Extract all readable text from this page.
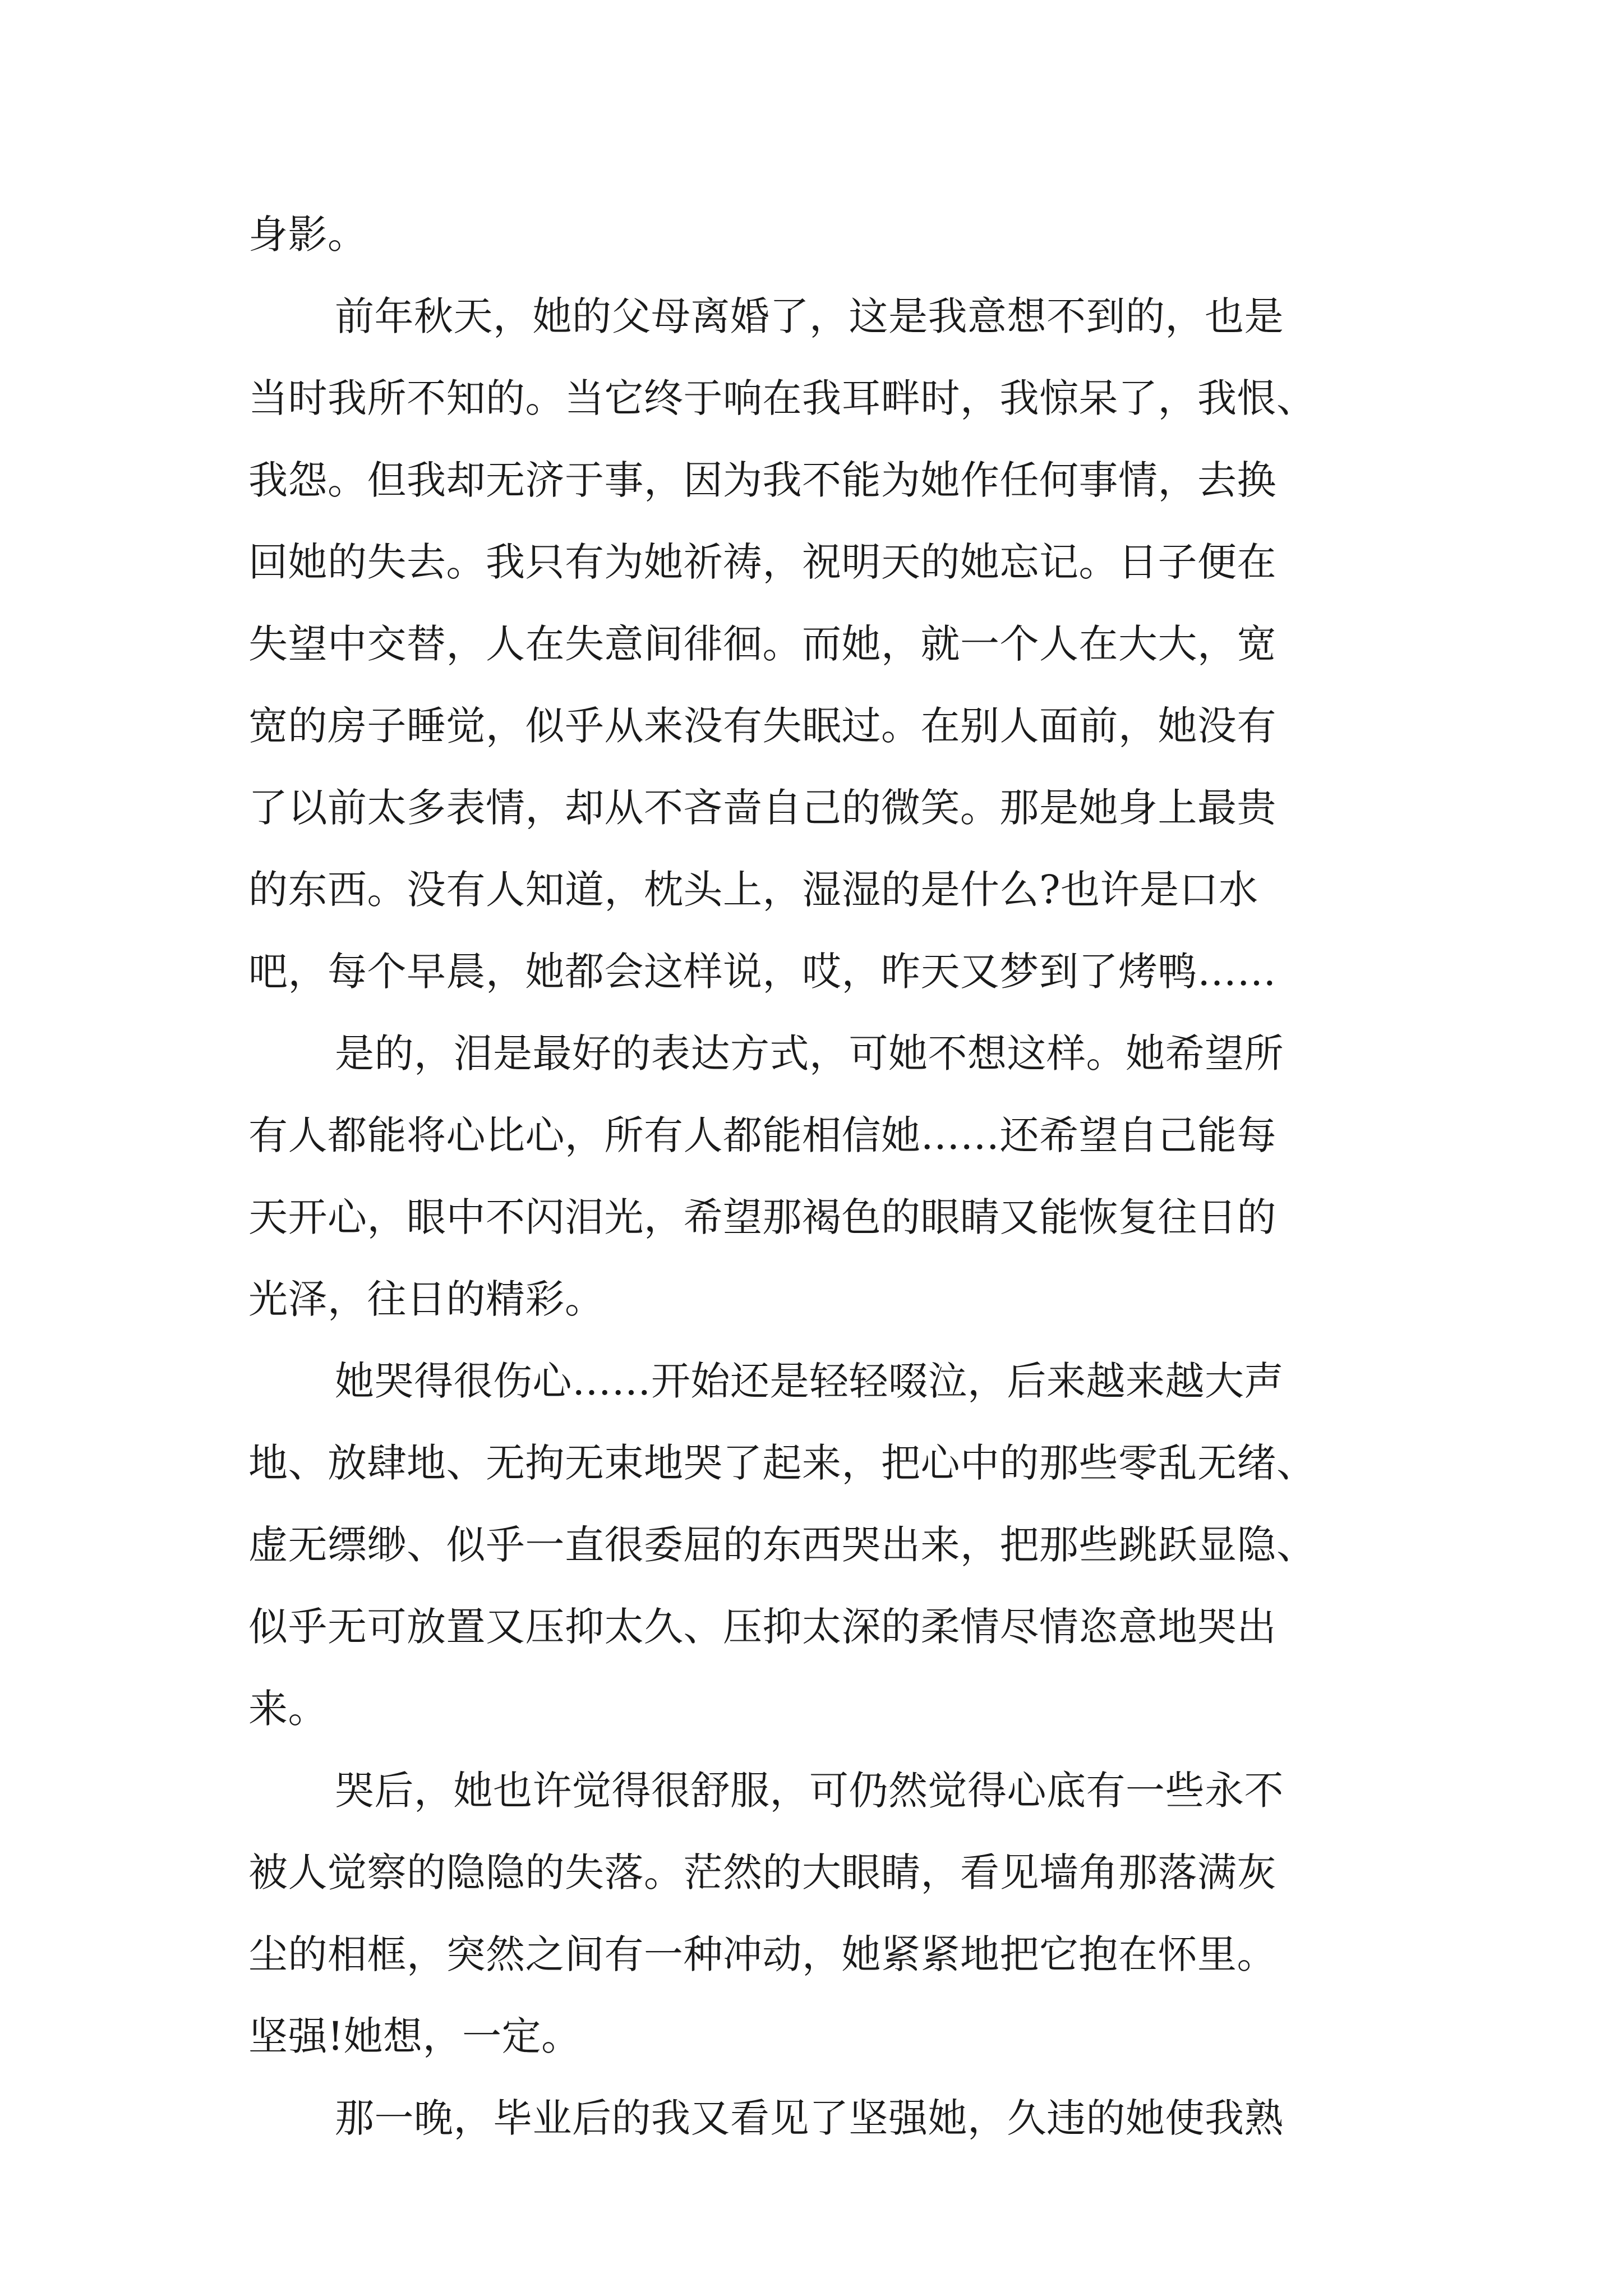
身影。
前年秋天，她的父母离婚了，这是我意想不到的，也是
当时我所不知的。当它终于响在我耳畔时，我惊呆了，我恨、
我怨。但我却无济于事，因为我不能为她作任何事情，去换
回她的失去。我只有为她祈祷，祝明天的她忘记。日子便在
失望中交替，人在失意间徘徊。而她，就一个人在大大，宽
宽的房子睡觉，似乎从来没有失眠过。在别人面前，她没有
了以前太多表情，却从不吝啬自己的微笑。那是她身上最贵
的东西。没有人知道，枕头上，湿湿的是什么?也许是口水
吧，每个早晨，她都会这样说，哎，昨天又梦到了烤鸭……
是的，泪是最好的表达方式，可她不想这样。她希望所
有人都能将心比心，所有人都能相信她……还希望自己能每
天开心，眼中不闪泪光，希望那褐色的眼睛又能恢复往日的
光泽，往日的精彩。
她哭得很伤心……开始还是轻轻啜泣，后来越来越大声
地、放肆地、无拘无束地哭了起来，把心中的那些零乱无绪、
虚无缥缈、似乎一直很委屈的东西哭出来，把那些跳跃显隐、
似乎无可放置又压抑太久、压抑太深的柔情尽情恣意地哭出
来。
哭后，她也许觉得很舒服，可仍然觉得心底有一些永不
被人觉察的隐隐的失落。茫然的大眼睛，看见墙角那落满灰
尘的相框，突然之间有一种冲动，她紧紧地把它抱在怀里。
坚强!她想，一定。
那一晚，毕业后的我又看见了坚强她，久违的她使我熟
